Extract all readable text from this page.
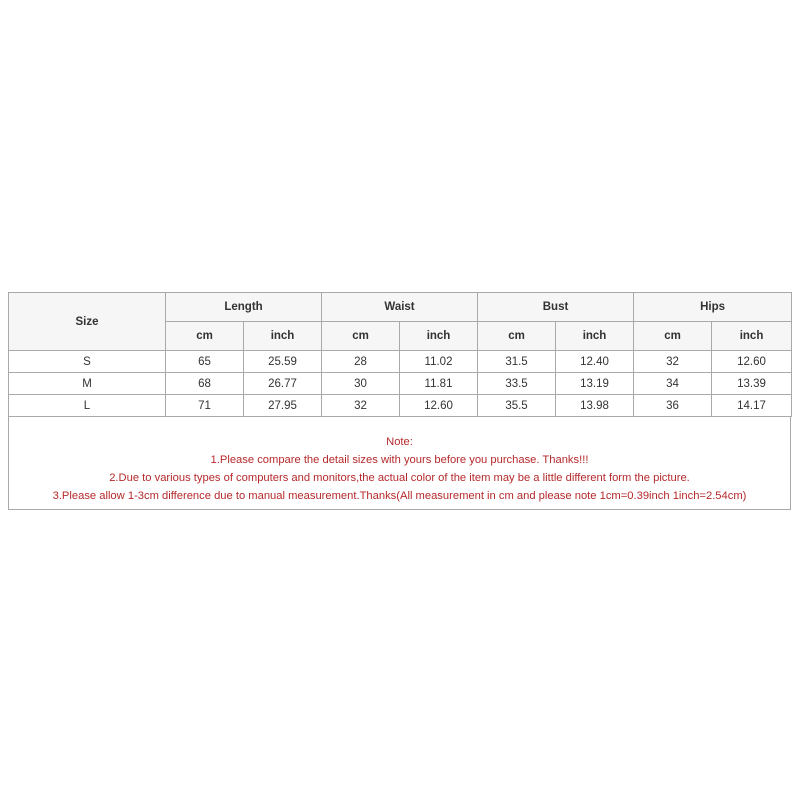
Size	Length		Waist		Bust		Hips	
	cm	inch	cm	inch	cm	inch	cm	inch
S	65	25.59	28	11.02	31.5	12.40	32	12.60
M	68	26.77	30	11.81	33.5	13.19	34	13.39
L	71	27.95	32	12.60	35.5	13.98	36	14.17
Note:
1.Please compare the detail sizes with yours before you purchase. Thanks!!!
2.Due to various types of computers and monitors,the actual color of the item may be a little different form the picture.
3.Please allow 1-3cm difference due to manual measurement.Thanks(All measurement in cm and please note 1cm=0.39inch 1inch=2.54cm)
